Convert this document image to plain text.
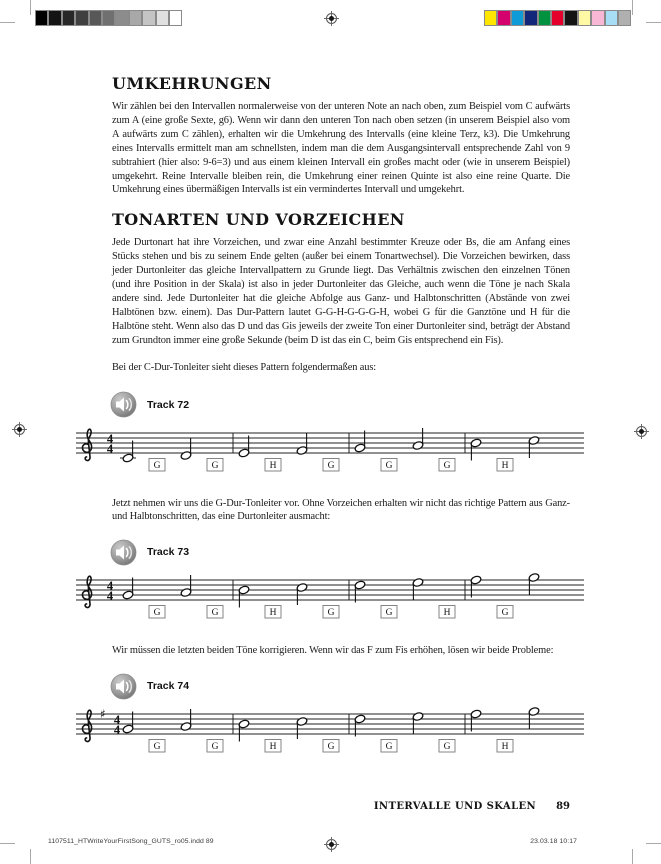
UMKEHRUNGEN

Wir zählen bei den Intervallen normalerweise von der unteren Note an nach oben, zum Beispiel vom C aufwärts zum A (eine große Sexte, g6). Wenn wir dann den unteren Ton nach oben setzen (in unserem Beispiel also vom A aufwärts zum C zählen), erhalten wir die Umkehrung des Intervalls (eine kleine Terz, k3). Die Umkehrung eines Intervalls ermittelt man am schnellsten, indem man die dem Ausgangsintervall entsprechende Zahl von 9 subtrahiert (hier also: 9-6=3) und aus einem kleinen Intervall ein großes macht oder (wie in unserem Beispiel) umgekehrt. Reine Intervalle bleiben rein, die Umkehrung einer reinen Quinte ist also eine reine Quarte. Die Umkehrung eines übermäßigen Intervalls ist ein vermindertes Intervall und umgekehrt.

TONARTEN UND VORZEICHEN

Jede Durtonart hat ihre Vorzeichen, und zwar eine Anzahl bestimmter Kreuze oder Bs, die am Anfang eines Stücks stehen und bis zu seinem Ende gelten (außer bei einem Tonartwechsel). Die Vorzeichen bewirken, dass jeder Durtonleiter das gleiche Intervallpattern zu Grunde liegt. Das Verhältnis zwischen den einzelnen Tönen (und ihre Position in der Skala) ist also in jeder Durtonleiter das Gleiche, auch wenn die Töne je nach Skala andere sind. Jede Durtonleiter hat die gleiche Abfolge aus Ganz- und Halbtonschritten (Abstände von zwei Halbtönen bzw. einem). Das Dur-Pattern lautet G-G-H-G-G-G-H, wobei G für die Ganztöne und H für die Halbtöne steht. Wenn also das D und das Gis jeweils der zweite Ton einer Durtonleiter sind, beträgt der Abstand zum Grundton immer eine große Sekunde (beim D ist das ein C, beim Gis entsprechend ein Fis).

Bei der C-Dur-Tonleiter sieht dieses Pattern folgendermaßen aus:

Track 72
4
4
G	G	H	G	G	G	H

Jetzt nehmen wir uns die G-Dur-Tonleiter vor. Ohne Vorzeichen erhalten wir nicht das richtige Pattern aus Ganz- und Halbtonschritten, das eine Durtonleiter ausmacht:

Track 73
4
4
G	G	H	G	G	H	G

Wir müssen die letzten beiden Töne korrigieren. Wenn wir das F zum Fis erhöhen, lösen wir beide Probleme:

Track 74
♯ 4
4
G	G	H	G	G	G	H
INTERVALLE UND SKALEN 89
1107511_HTWriteYourFirstSong_GUTS_ro05.indd 89	23.03.18 10:17
